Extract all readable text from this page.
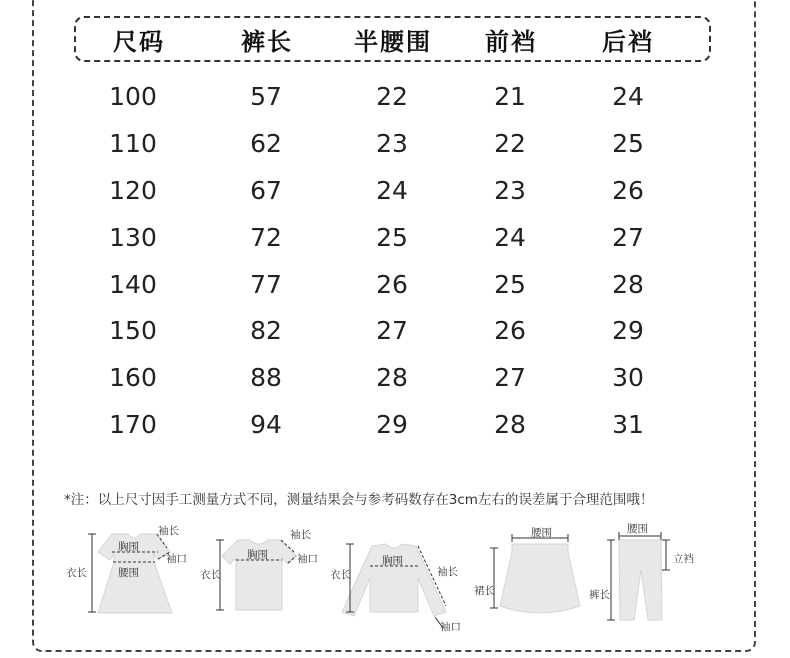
尺码	裤长	半腰围	前裆	后裆
100	57	22	21	24
110	62	23	22	25
120	67	24	23	26
130	72	25	24	27
140	77	26	25	28
150	82	27	26	29
160	88	28	27	30
170	94	29	28	31
*注：以上尺寸因手工测量方式不同，测量结果会与参考码数存在3cm左右的误差属于合理范围哦！
袖长
胸围
袖口
衣长	腰围
袖长
胸围	袖口
衣长
胸围
袖长
衣长
袖口
腰围
裙长
腰围
立裆
裤长
